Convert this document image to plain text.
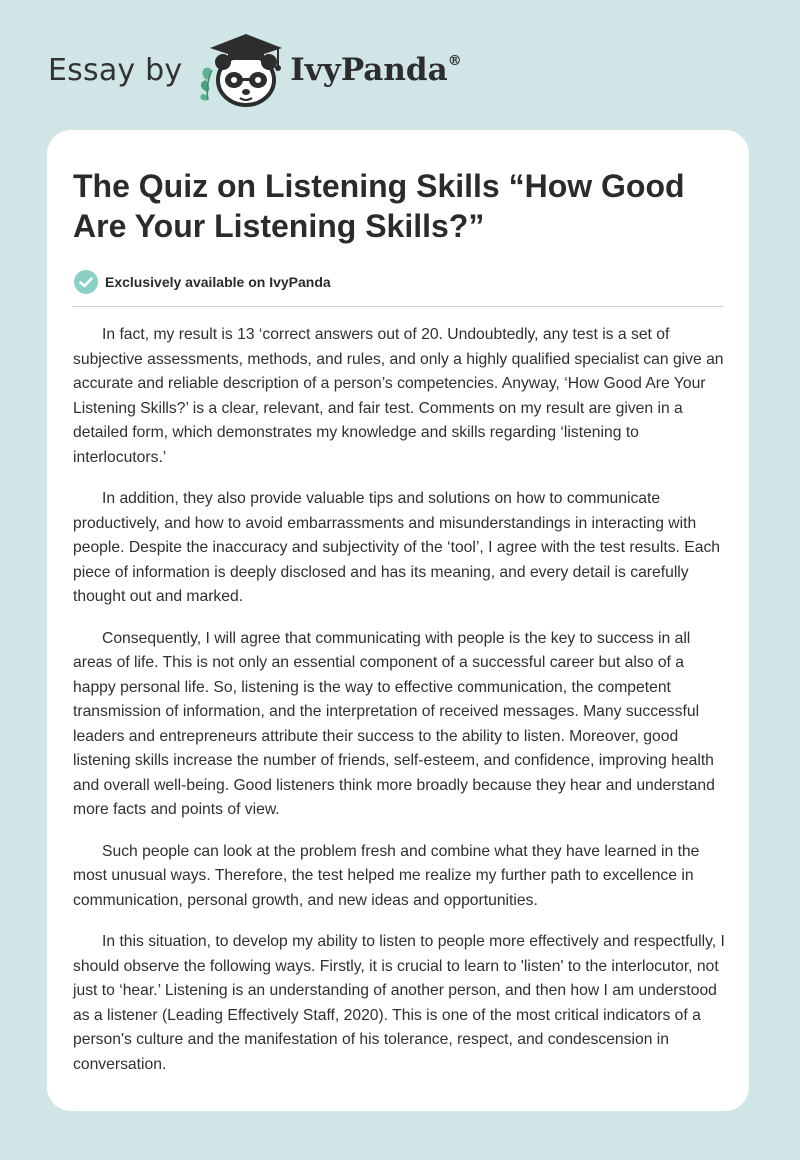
Essay by	IvyPanda®
The Quiz on Listening Skills “How Good Are Your Listening Skills?”
Exclusively available on IvyPanda

In fact, my result is 13 ‘correct answers out of 20. Undoubtedly, any test is a set of subjective assessments, methods, and rules, and only a highly qualified specialist can give an accurate and reliable description of a person’s competencies. Anyway, ‘How Good Are Your Listening Skills?’ is a clear, relevant, and fair test. Comments on my result are given in a detailed form, which demonstrates my knowledge and skills regarding ‘listening to interlocutors.’

In addition, they also provide valuable tips and solutions on how to communicate productively, and how to avoid embarrassments and misunderstandings in interacting with people. Despite the inaccuracy and subjectivity of the ‘tool’, I agree with the test results. Each piece of information is deeply disclosed and has its meaning, and every detail is carefully thought out and marked.

Consequently, I will agree that communicating with people is the key to success in all areas of life. This is not only an essential component of a successful career but also of a happy personal life. So, listening is the way to effective communication, the competent transmission of information, and the interpretation of received messages. Many successful leaders and entrepreneurs attribute their success to the ability to listen. Moreover, good listening skills increase the number of friends, self-esteem, and confidence, improving health and overall well-being. Good listeners think more broadly because they hear and understand more facts and points of view.

Such people can look at the problem fresh and combine what they have learned in the most unusual ways. Therefore, the test helped me realize my further path to excellence in communication, personal growth, and new ideas and opportunities.

In this situation, to develop my ability to listen to people more effectively and respectfully, I should observe the following ways. Firstly, it is crucial to learn to 'listen' to the interlocutor, not just to ‘hear.’ Listening is an understanding of another person, and then how I am understood as a listener (Leading Effectively Staff, 2020). This is one of the most critical indicators of a person's culture and the manifestation of his tolerance, respect, and condescension in conversation.
